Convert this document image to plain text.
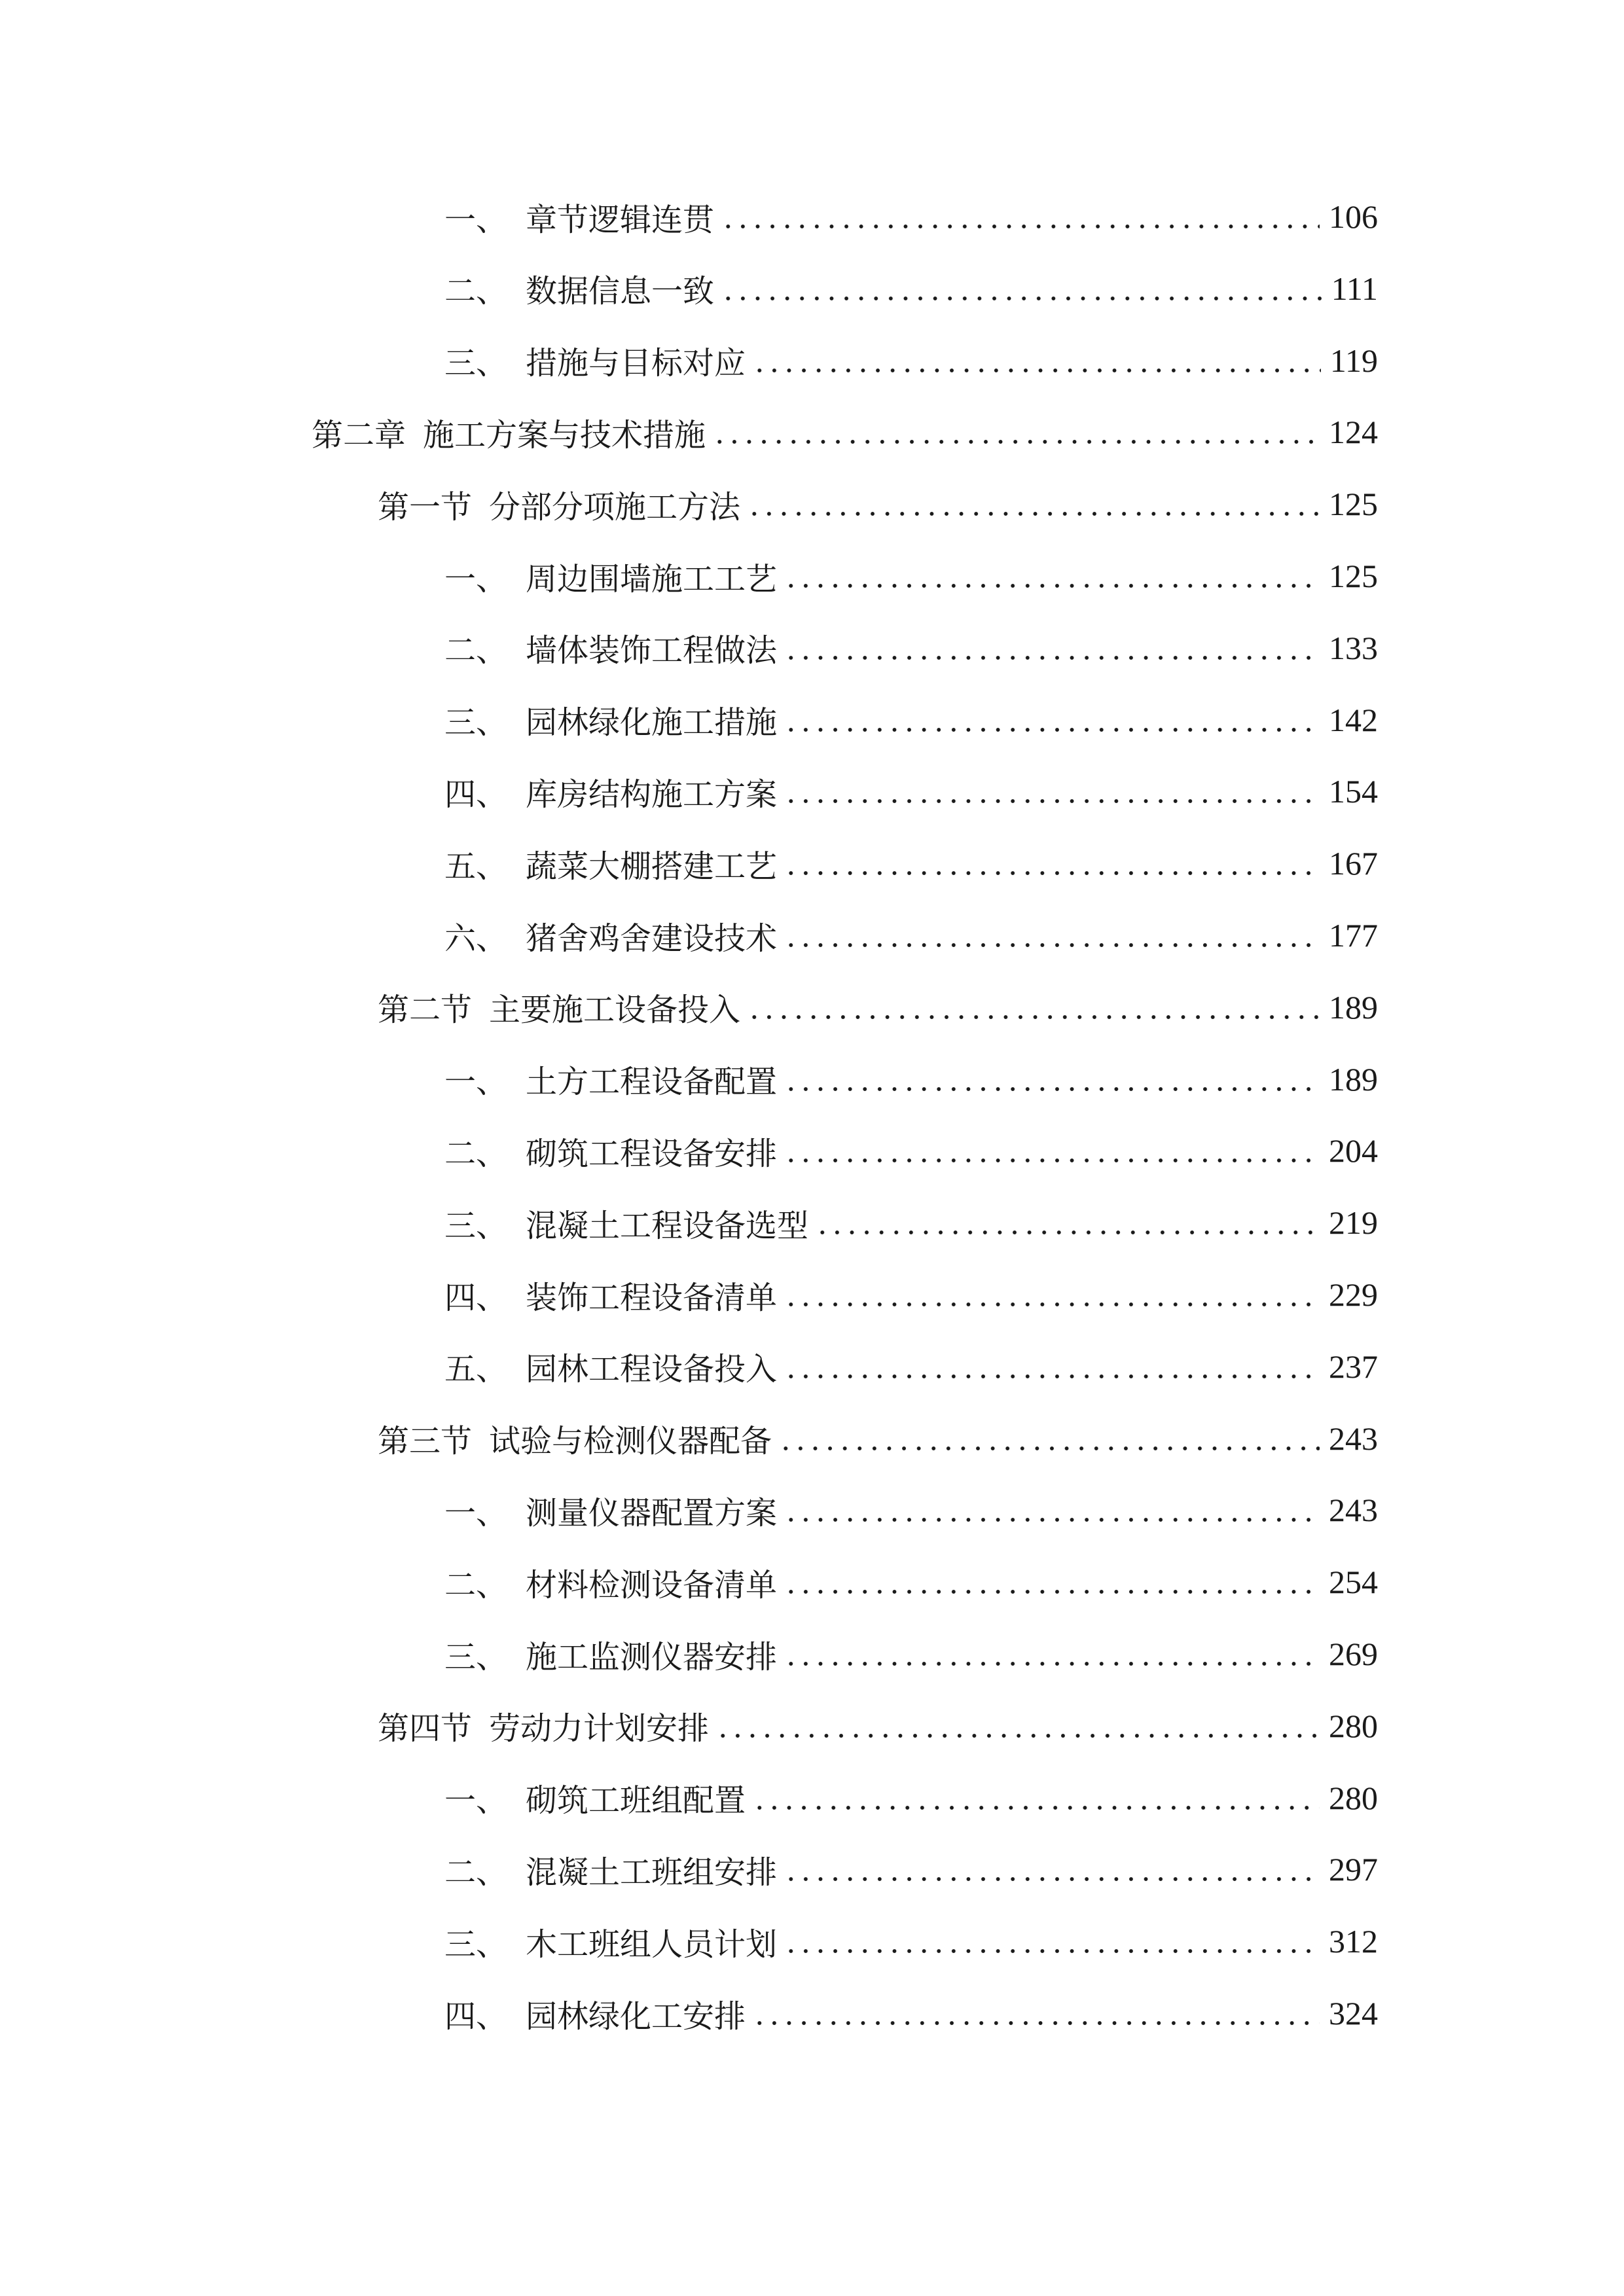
一、 章节逻辑连贯	106
二、 数据信息一致	111
三、 措施与目标对应	119
第二章 施工方案与技术措施	124
第一节 分部分项施工方法	125
一、 周边围墙施工工艺	125
二、 墙体装饰工程做法	133
三、 园林绿化施工措施	142
四、 库房结构施工方案	154
五、 蔬菜大棚搭建工艺	167
六、 猪舍鸡舍建设技术	177
第二节 主要施工设备投入	189
一、 土方工程设备配置	189
二、 砌筑工程设备安排	204
三、 混凝土工程设备选型	219
四、 装饰工程设备清单	229
五、 园林工程设备投入	237
第三节 试验与检测仪器配备	243
一、 测量仪器配置方案	243
二、 材料检测设备清单	254
三、 施工监测仪器安排	269
第四节 劳动力计划安排	280
一、 砌筑工班组配置	280
二、 混凝土工班组安排	297
三、 木工班组人员计划	312
四、 园林绿化工安排	324
